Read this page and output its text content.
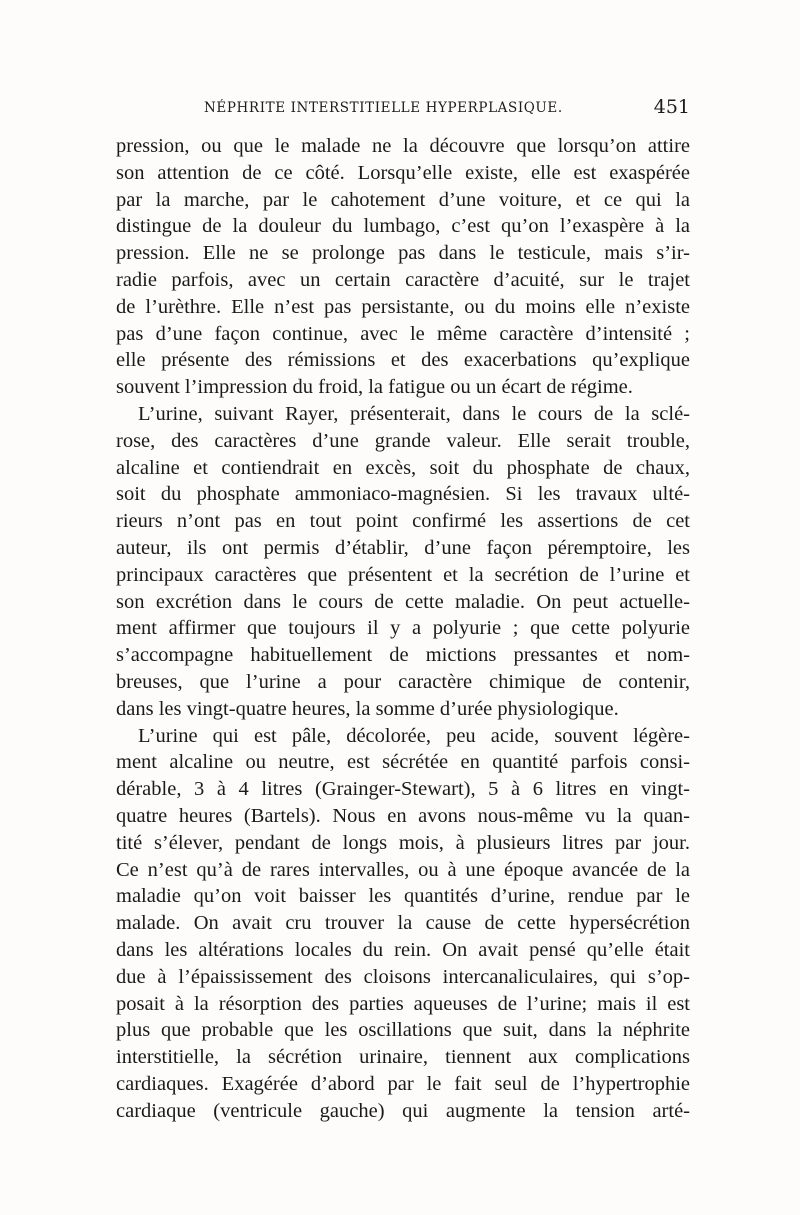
NÉPHRITE INTERSTITIELLE HYPERPLASIQUE.	451
pression, ou que le malade ne la découvre que lorsqu’on attire
son attention de ce côté. Lorsqu’elle existe, elle est exaspérée
par la marche, par le cahotement d’une voiture, et ce qui la
distingue de la douleur du lumbago, c’est qu’on l’exaspère à la
pression. Elle ne se prolonge pas dans le testicule, mais s’ir-
radie parfois, avec un certain caractère d’acuité, sur le trajet
de l’urèthre. Elle n’est pas persistante, ou du moins elle n’existe
pas d’une façon continue, avec le même caractère d’intensité ;
elle présente des rémissions et des exacerbations qu’explique
souvent l’impression du froid, la fatigue ou un écart de régime.
L’urine, suivant Rayer, présenterait, dans le cours de la sclé-
rose, des caractères d’une grande valeur. Elle serait trouble,
alcaline et contiendrait en excès, soit du phosphate de chaux,
soit du phosphate ammoniaco-magnésien. Si les travaux ulté-
rieurs n’ont pas en tout point confirmé les assertions de cet
auteur, ils ont permis d’établir, d’une façon péremptoire, les
principaux caractères que présentent et la secrétion de l’urine et
son excrétion dans le cours de cette maladie. On peut actuelle-
ment affirmer que toujours il y a polyurie ; que cette polyurie
s’accompagne habituellement de mictions pressantes et nom-
breuses, que l’urine a pour caractère chimique de contenir,
dans les vingt-quatre heures, la somme d’urée physiologique.
L’urine qui est pâle, décolorée, peu acide, souvent légère-
ment alcaline ou neutre, est sécrétée en quantité parfois consi-
dérable, 3 à 4 litres (Grainger-Stewart), 5 à 6 litres en vingt-
quatre heures (Bartels). Nous en avons nous-même vu la quan-
tité s’élever, pendant de longs mois, à plusieurs litres par jour.
Ce n’est qu’à de rares intervalles, ou à une époque avancée de la
maladie qu’on voit baisser les quantités d’urine, rendue par le
malade. On avait cru trouver la cause de cette hypersécrétion
dans les altérations locales du rein. On avait pensé qu’elle était
due à l’épaississement des cloisons intercanaliculaires, qui s’op-
posait à la résorption des parties aqueuses de l’urine; mais il est
plus que probable que les oscillations que suit, dans la néphrite
interstitielle, la sécrétion urinaire, tiennent aux complications
cardiaques. Exagérée d’abord par le fait seul de l’hypertrophie
cardiaque (ventricule gauche) qui augmente la tension arté-
